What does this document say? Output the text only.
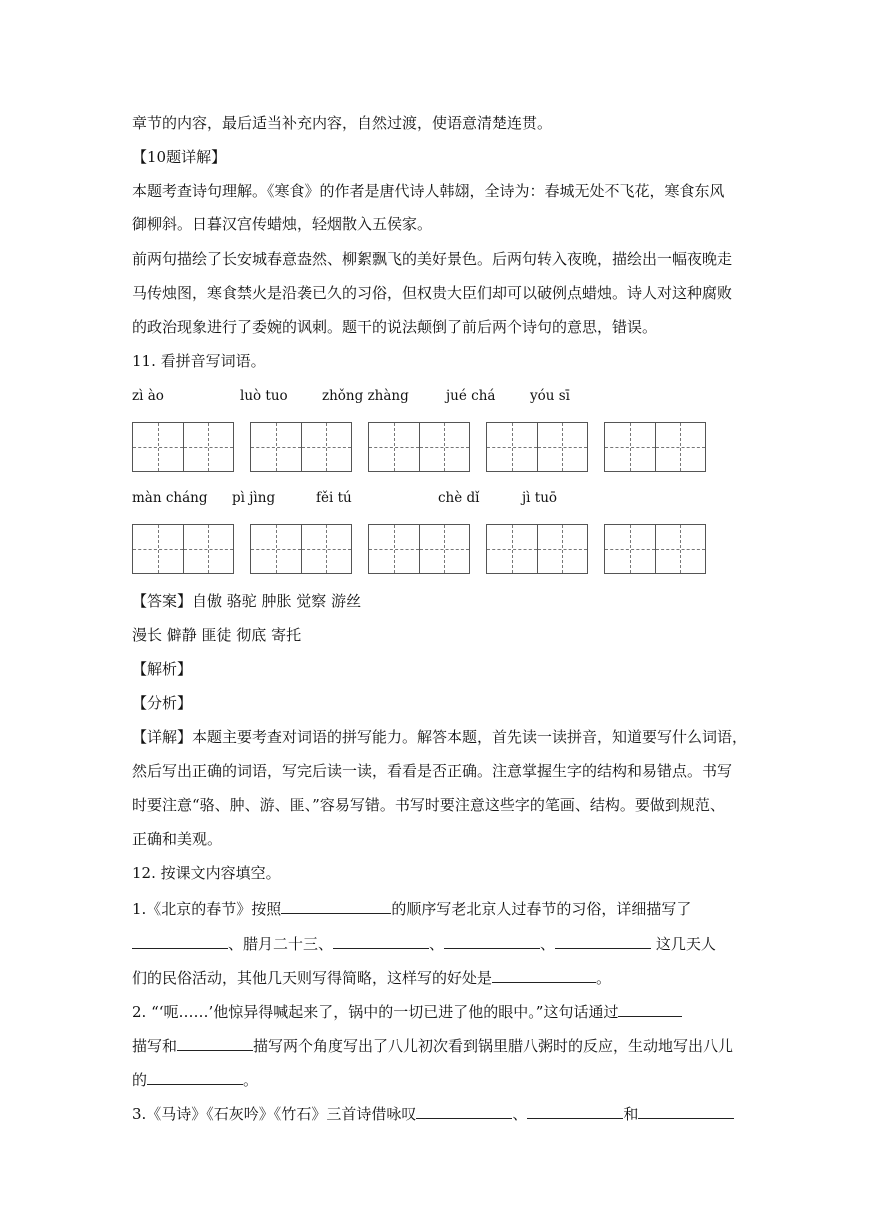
章节的内容，最后适当补充内容，自然过渡，使语意清楚连贯。
【10题详解】
本题考查诗句理解。《寒食》的作者是唐代诗人韩翃，全诗为：春城无处不飞花，寒食东风
御柳斜。日暮汉宫传蜡烛，轻烟散入五侯家。
前两句描绘了长安城春意盎然、柳絮飘飞的美好景色。后两句转入夜晚，描绘出一幅夜晚走
马传烛图，寒食禁火是沿袭已久的习俗，但权贵大臣们却可以破例点蜡烛。诗人对这种腐败
的政治现象进行了委婉的讽刺。题干的说法颠倒了前后两个诗句的意思，错误。
11. 看拼音写词语。
zì ào	luò tuo	zhǒng zhàng	jué chá	yóu sī
màn cháng pì jìng	fěi tú	chè dǐ	jì tuō
【答案】自傲 骆驼 肿胀 觉察 游丝
漫长 僻静 匪徒 彻底 寄托
【解析】
【分析】
【详解】本题主要考查对词语的拼写能力。解答本题，首先读一读拼音，知道要写什么词语，
然后写出正确的词语，写完后读一读，看看是否正确。注意掌握生字的结构和易错点。书写
时要注意“骆、肿、游、匪、”容易写错。书写时要注意这些字的笔画、结构。要做到规范、
正确和美观。
12. 按课文内容填空。
1.《北京的春节》按照	的顺序写老北京人过春节的习俗，详细描写了
、腊月二十三、	、	、	这几天人
们的民俗活动，其他几天则写得简略，这样写的好处是	。
2. “‘呃……’他惊异得喊起来了，锅中的一切已进了他的眼中。”这句话通过
描写和	描写两个角度写出了八儿初次看到锅里腊八粥时的反应，生动地写出八儿
的	。
3.《马诗》《石灰吟》《竹石》三首诗借咏叹	、	和
